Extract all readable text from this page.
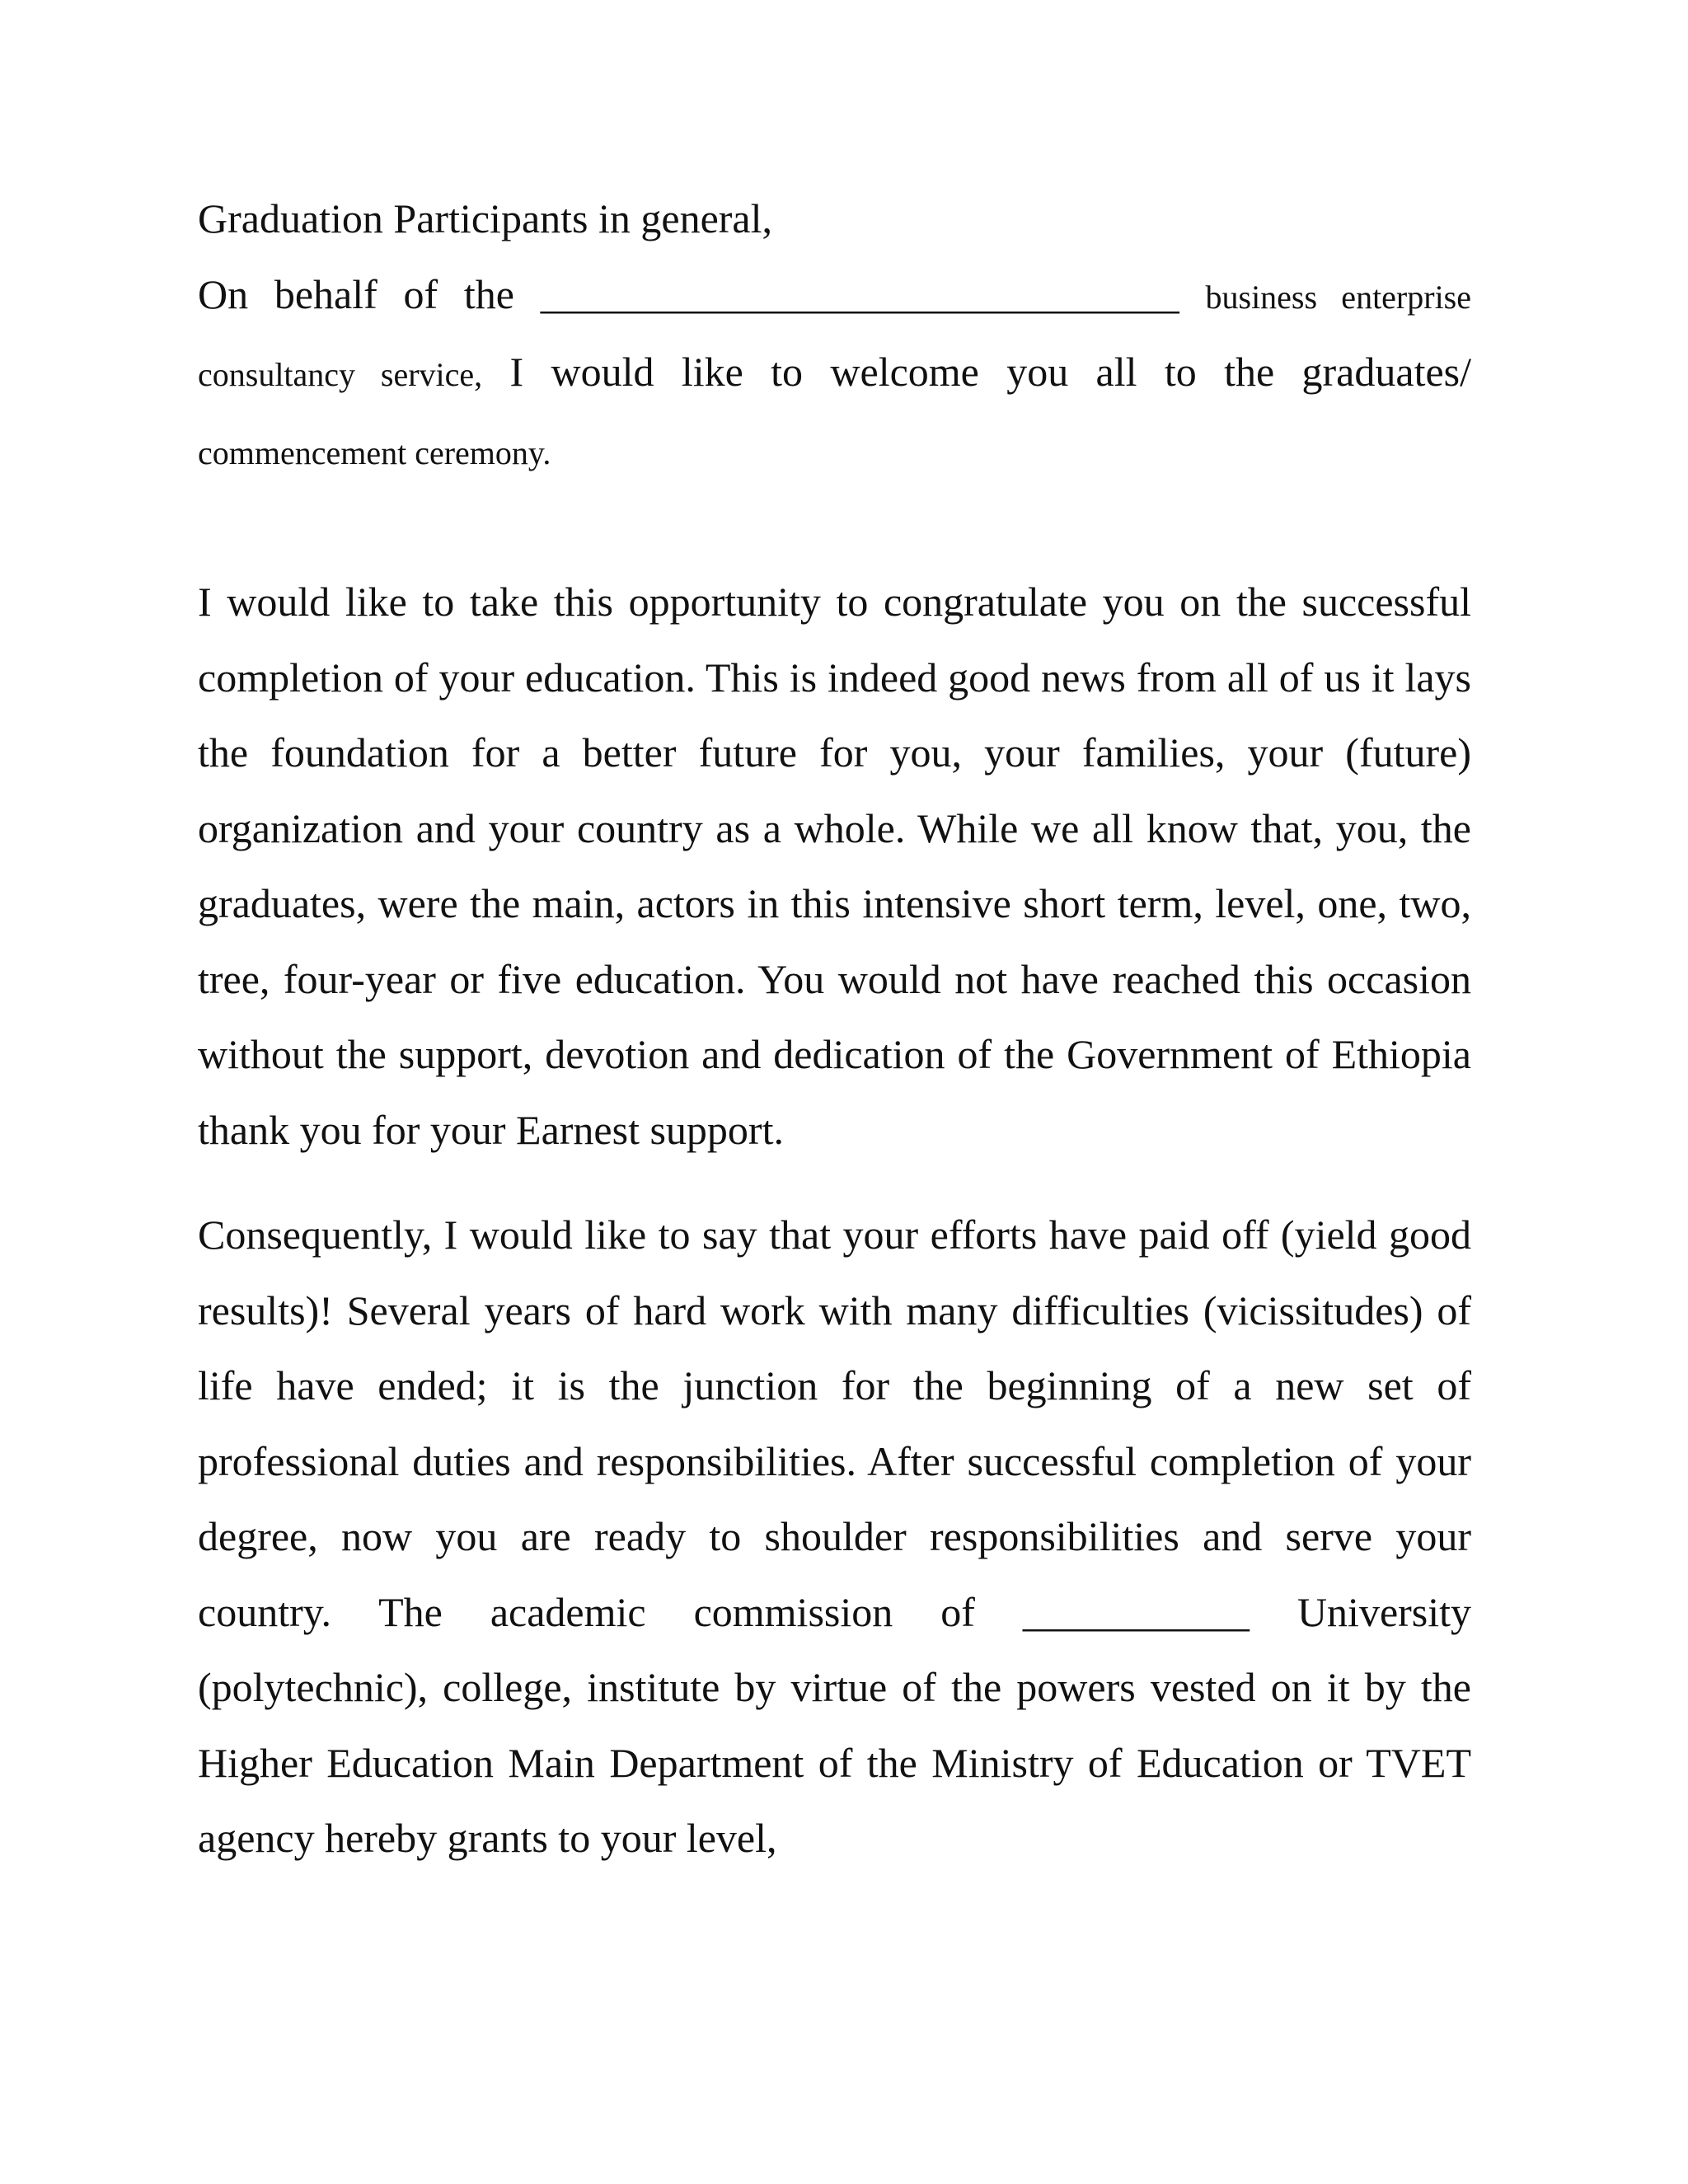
Graduation Participants in general,

On behalf of the _______________________________ business enterprise consultancy service, I would like to welcome you all to the graduates/ commencement ceremony.

I would like to take this opportunity to congratulate you on the successful completion of your education. This is indeed good news from all of us it lays the foundation for a better future for you, your families, your (future) organization and your country as a whole. While we all know that, you, the graduates, were the main, actors in this intensive short term, level, one, two, tree, four-year or five education. You would not have reached this occasion without the support, devotion and dedication of the Government of Ethiopia thank you for your Earnest support.

Consequently, I would like to say that your efforts have paid off (yield good results)! Several years of hard work with many difficulties (vicissitudes) of life have ended; it is the junction for the beginning of a new set of professional duties and responsibilities. After successful completion of your degree, now you are ready to shoulder responsibilities and serve your country. The academic commission of ___________ University (polytechnic), college, institute by virtue of the powers vested on it by the Higher Education Main Department of the Ministry of Education or TVET agency hereby grants to your level,
